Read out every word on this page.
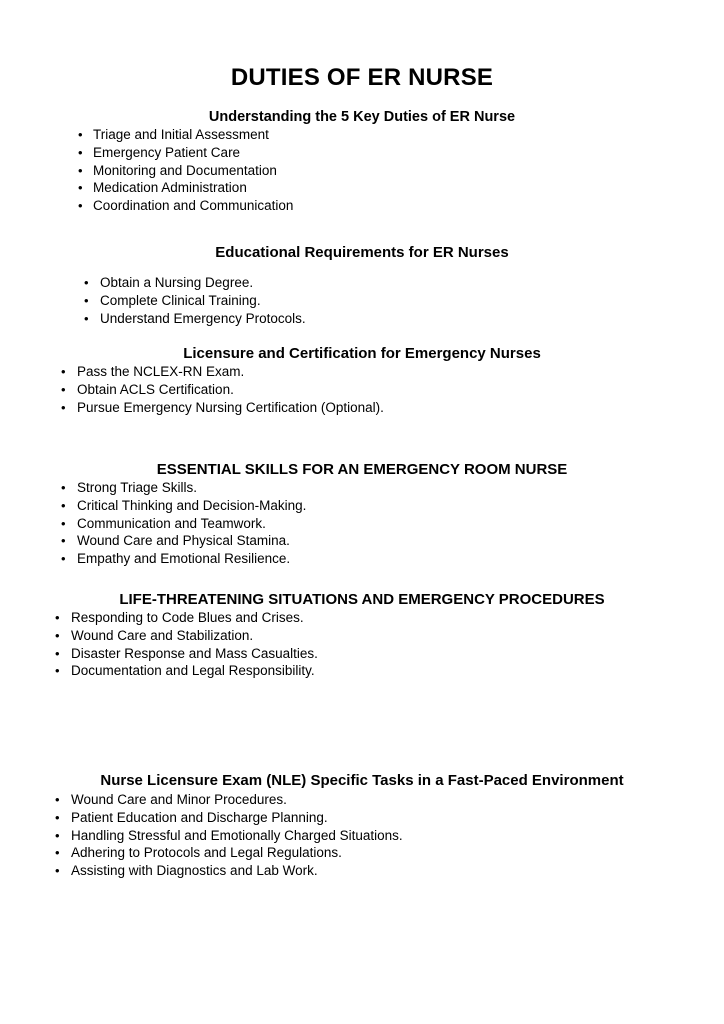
DUTIES OF ER NURSE
Understanding the 5 Key Duties of ER Nurse
• Triage and Initial Assessment
• Emergency Patient Care
• Monitoring and Documentation
• Medication Administration
• Coordination and Communication
Educational Requirements for ER Nurses
• Obtain a Nursing Degree.
• Complete Clinical Training.
• Understand Emergency Protocols.
Licensure and Certification for Emergency Nurses
• Pass the NCLEX-RN Exam.
• Obtain ACLS Certification.
• Pursue Emergency Nursing Certification (Optional).
ESSENTIAL SKILLS FOR AN EMERGENCY ROOM NURSE
• Strong Triage Skills.
• Critical Thinking and Decision-Making.
• Communication and Teamwork.
• Wound Care and Physical Stamina.
• Empathy and Emotional Resilience.
LIFE-THREATENING SITUATIONS AND EMERGENCY PROCEDURES
• Responding to Code Blues and Crises.
• Wound Care and Stabilization.
• Disaster Response and Mass Casualties.
• Documentation and Legal Responsibility.
Nurse Licensure Exam (NLE) Specific Tasks in a Fast-Paced Environment
• Wound Care and Minor Procedures.
• Patient Education and Discharge Planning.
• Handling Stressful and Emotionally Charged Situations.
• Adhering to Protocols and Legal Regulations.
• Assisting with Diagnostics and Lab Work.
